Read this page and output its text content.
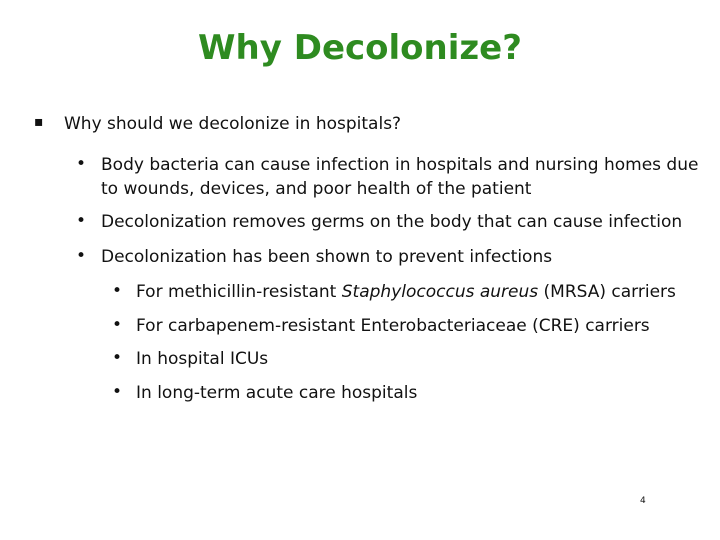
Why Decolonize?
▪ Why should we decolonize in hospitals?
• Body bacteria can cause infection in hospitals and nursing homes due
to wounds, devices, and poor health of the patient
• Decolonization removes germs on the body that can cause infection
• Decolonization has been shown to prevent infections
• For methicillin-resistant Staphylococcus aureus (MRSA) carriers
• For carbapenem-resistant Enterobacteriaceae (CRE) carriers
• In hospital ICUs
• In long-term acute care hospitals
4
